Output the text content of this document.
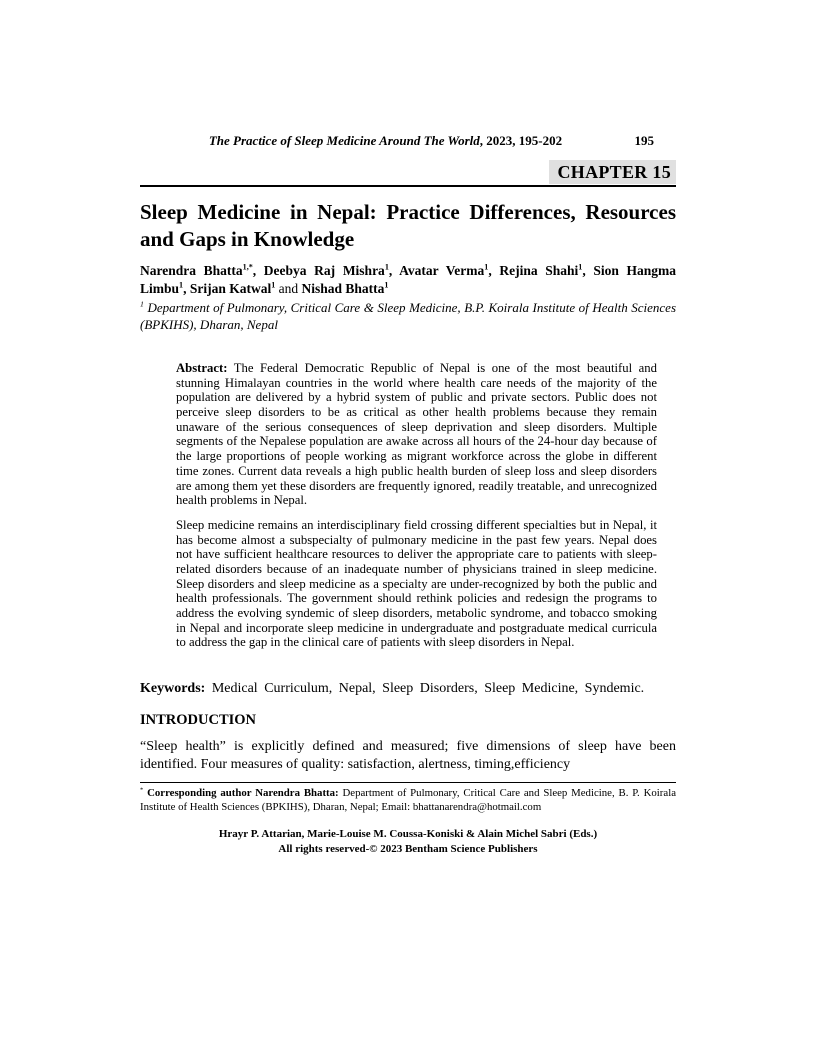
The Practice of Sleep Medicine Around The World, 2023, 195-202	195
CHAPTER 15
Sleep Medicine in Nepal: Practice Differences, Resources and Gaps in Knowledge

Narendra Bhatta$^{1,*}$, Deebya Raj Mishra$^1$, Avatar Verma$^1$, Rejina Shahi$^1$, Sion Hangma Limbu$^1$, Srijan Katwal$^1$ and Nishad Bhatta$^1$

$^1$ Department of Pulmonary, Critical Care & Sleep Medicine, B.P. Koirala Institute of Health Sciences (BPKIHS), Dharan, Nepal

Abstract: The Federal Democratic Republic of Nepal is one of the most beautiful and stunning Himalayan countries in the world where health care needs of the majority of the population are delivered by a hybrid system of public and private sectors. Public does not perceive sleep disorders to be as critical as other health problems because they remain unaware of the serious consequences of sleep deprivation and sleep disorders. Multiple segments of the Nepalese population are awake across all hours of the 24-hour day because of the large proportions of people working as migrant workforce across the globe in different time zones. Current data reveals a high public health burden of sleep loss and sleep disorders are among them yet these disorders are frequently ignored, readily treatable, and unrecognized health problems in Nepal.

Sleep medicine remains an interdisciplinary field crossing different specialties but in Nepal, it has become almost a subspecialty of pulmonary medicine in the past few years. Nepal does not have sufficient healthcare resources to deliver the appropriate care to patients with sleep-related disorders because of an inadequate number of physicians trained in sleep medicine. Sleep disorders and sleep medicine as a specialty are under-recognized by both the public and health professionals. The government should rethink policies and redesign the programs to address the evolving syndemic of sleep disorders, metabolic syndrome, and tobacco smoking in Nepal and incorporate sleep medicine in undergraduate and postgraduate medical curricula to address the gap in the clinical care of patients with sleep disorders in Nepal.

Keywords: Medical Curriculum, Nepal, Sleep Disorders, Sleep Medicine, Syndemic.

INTRODUCTION

“Sleep health” is explicitly defined and measured; five dimensions of sleep have been identified. Four measures of quality: satisfaction, alertness, timing,efficiency

* Corresponding author Narendra Bhatta: Department of Pulmonary, Critical Care and Sleep Medicine, B. P. Koirala Institute of Health Sciences (BPKIHS), Dharan, Nepal; Email: bhattanarendra@hotmail.com

Hrayr P. Attarian, Marie-Louise M. Coussa-Koniski & Alain Michel Sabri (Eds.)
All rights reserved-© 2023 Bentham Science Publishers
